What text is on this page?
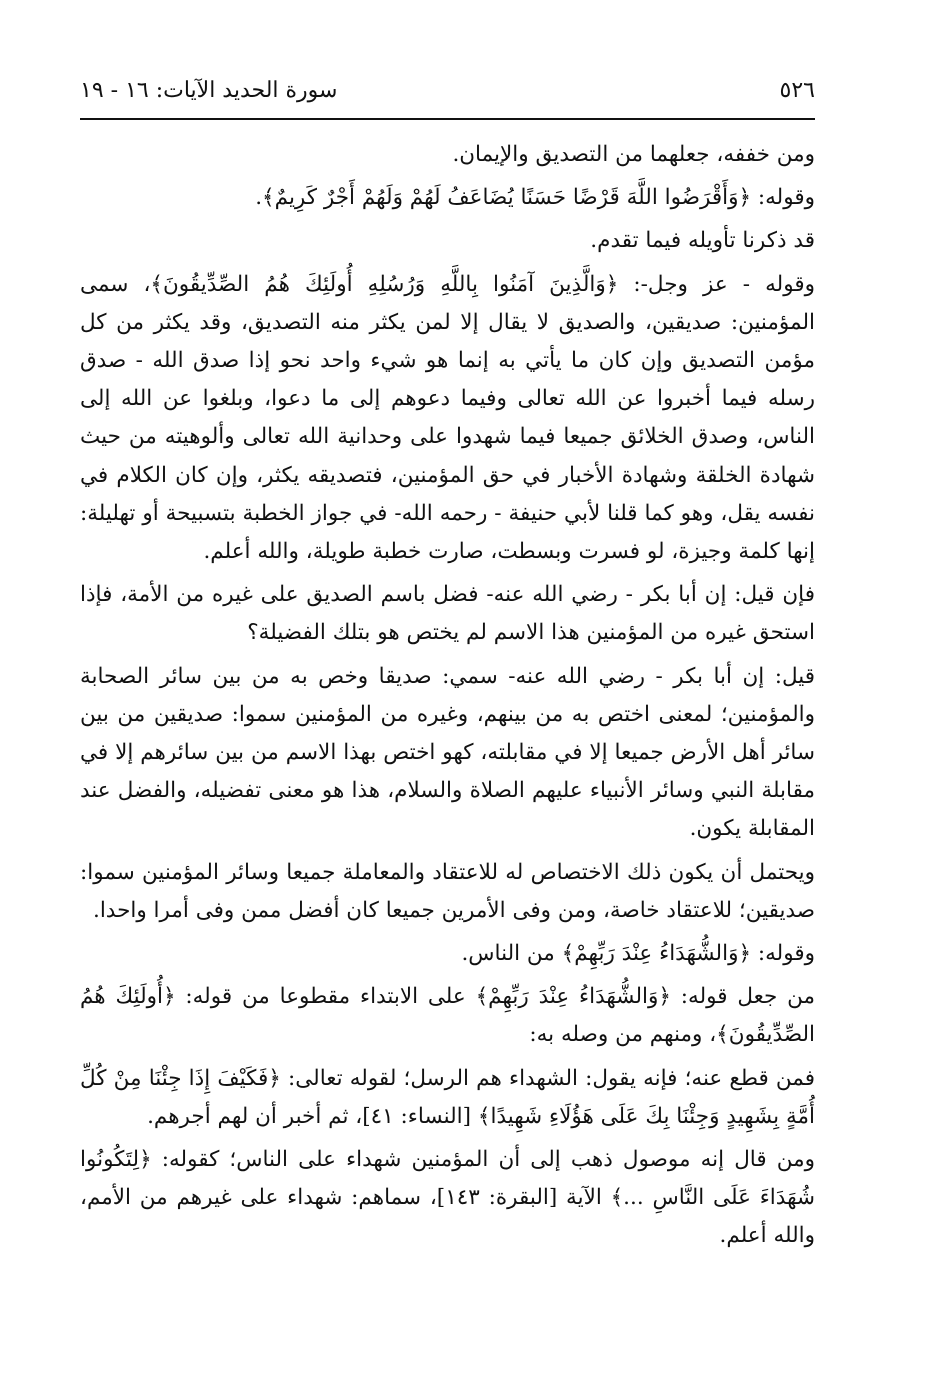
٥٢٦
سورة الحديد الآيات: ١٦ - ١٩

ومن خففه، جعلهما من التصديق والإيمان.

وقوله: ﴿وَأَقْرَضُوا اللَّهَ قَرْضًا حَسَنًا يُضَاعَفُ لَهُمْ وَلَهُمْ أَجْرٌ كَرِيمٌ﴾.

قد ذكرنا تأويله فيما تقدم.

وقوله - عز وجل-: ﴿وَالَّذِينَ آمَنُوا بِاللَّهِ وَرُسُلِهِ أُولَئِكَ هُمُ الصِّدِّيقُونَ﴾، سمى المؤمنين: صديقين، والصديق لا يقال إلا لمن يكثر منه التصديق، وقد يكثر من كل مؤمن التصديق وإن كان ما يأتي به إنما هو شيء واحد نحو إذا صدق الله - صدق رسله فيما أخبروا عن الله تعالى وفيما دعوهم إلى ما دعوا، وبلغوا عن الله إلى الناس، وصدق الخلائق جميعا فيما شهدوا على وحدانية الله تعالى وألوهيته من حيث شهادة الخلقة وشهادة الأخبار في حق المؤمنين، فتصديقه يكثر، وإن كان الكلام في نفسه يقل، وهو كما قلنا لأبي حنيفة - رحمه الله- في جواز الخطبة بتسبيحة أو تهليلة: إنها كلمة وجيزة، لو فسرت وبسطت، صارت خطبة طويلة، والله أعلم.

فإن قيل: إن أبا بكر - رضي الله عنه- فضل باسم الصديق على غيره من الأمة، فإذا استحق غيره من المؤمنين هذا الاسم لم يختص هو بتلك الفضيلة؟

قيل: إن أبا بكر - رضي الله عنه- سمي: صديقا وخص به من بين سائر الصحابة والمؤمنين؛ لمعنى اختص به من بينهم، وغيره من المؤمنين سموا: صديقين من بين سائر أهل الأرض جميعا إلا في مقابلته، كهو اختص بهذا الاسم من بين سائرهم إلا في مقابلة النبي وسائر الأنبياء عليهم الصلاة والسلام، هذا هو معنى تفضيله، والفضل عند المقابلة يكون.

ويحتمل أن يكون ذلك الاختصاص له للاعتقاد والمعاملة جميعا وسائر المؤمنين سموا: صديقين؛ للاعتقاد خاصة، ومن وفى الأمرين جميعا كان أفضل ممن وفى أمرا واحدا.

وقوله: ﴿وَالشُّهَدَاءُ عِنْدَ رَبِّهِمْ﴾ من الناس.

من جعل قوله: ﴿وَالشُّهَدَاءُ عِنْدَ رَبِّهِمْ﴾ على الابتداء مقطوعا من قوله: ﴿أُولَئِكَ هُمُ الصِّدِّيقُونَ﴾، ومنهم من وصله به:

فمن قطع عنه؛ فإنه يقول: الشهداء هم الرسل؛ لقوله تعالى: ﴿فَكَيْفَ إِذَا جِئْنَا مِنْ كُلِّ أُمَّةٍ بِشَهِيدٍ وَجِئْنَا بِكَ عَلَى هَؤُلَاءِ شَهِيدًا﴾ [النساء: ٤١]، ثم أخبر أن لهم أجرهم.

ومن قال إنه موصول ذهب إلى أن المؤمنين شهداء على الناس؛ كقوله: ﴿لِتَكُونُوا شُهَدَاءَ عَلَى النَّاسِ ...﴾ الآية [البقرة: ١٤٣]، سماهم: شهداء على غيرهم من الأمم، والله أعلم.
